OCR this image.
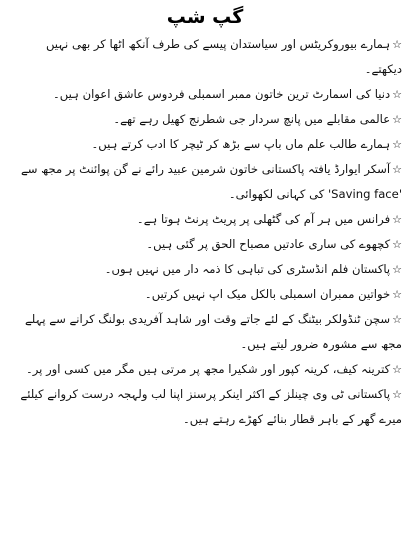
گپ شپ
☆ہمارے بیوروکریٹس اور سیاستدان پیسے کی طرف آنکھ اٹھا کر بھی نہیں دیکھتے۔
☆دنیا کی اسمارٹ ترین خاتون ممبر اسمبلی فردوس عاشق اعوان ہیں۔
☆عالمی مقابلے میں پانچ سردار جی شطرنج کھیل رہے تھے۔
☆ہمارے طالب علم ماں باپ سے بڑھ کر ٹیچر کا ادب کرتے ہیں۔
☆آسکر ایوارڈ یافتہ پاکستانی خاتون شرمین عبید رائے نے گن پوائنٹ پر مجھ سے 'Saving face' کی کہانی لکھوائی۔
☆فرانس میں ہر آم کی گٹھلی پر پریٹ پرنٹ ہوتا ہے۔
☆کچھوے کی ساری عادتیں مصباح الحق پر گئی ہیں۔
☆پاکستان فلم انڈسٹری کی تباہی کا ذمہ دار میں نہیں ہوں۔
☆خواتین ممبران اسمبلی بالکل میک اپ نہیں کرتیں۔
☆سچن ٹنڈولکر بیٹنگ کے لئے جاتے وقت اور شاہد آفریدی بولنگ کرانے سے پہلے مجھ سے مشورہ ضرور لیتے ہیں۔
☆کترینہ کیف، کرینہ کپور اور شکیرا مجھ پر مرتی ہیں مگر میں کسی اور پر۔
☆پاکستانی ٹی وی چینلز کے اکثر اینکر پرسنز اپنا لب ولہجہ درست کروانے کیلئے میرے گھر کے باہر قطار بنائے کھڑے رہتے ہیں۔
